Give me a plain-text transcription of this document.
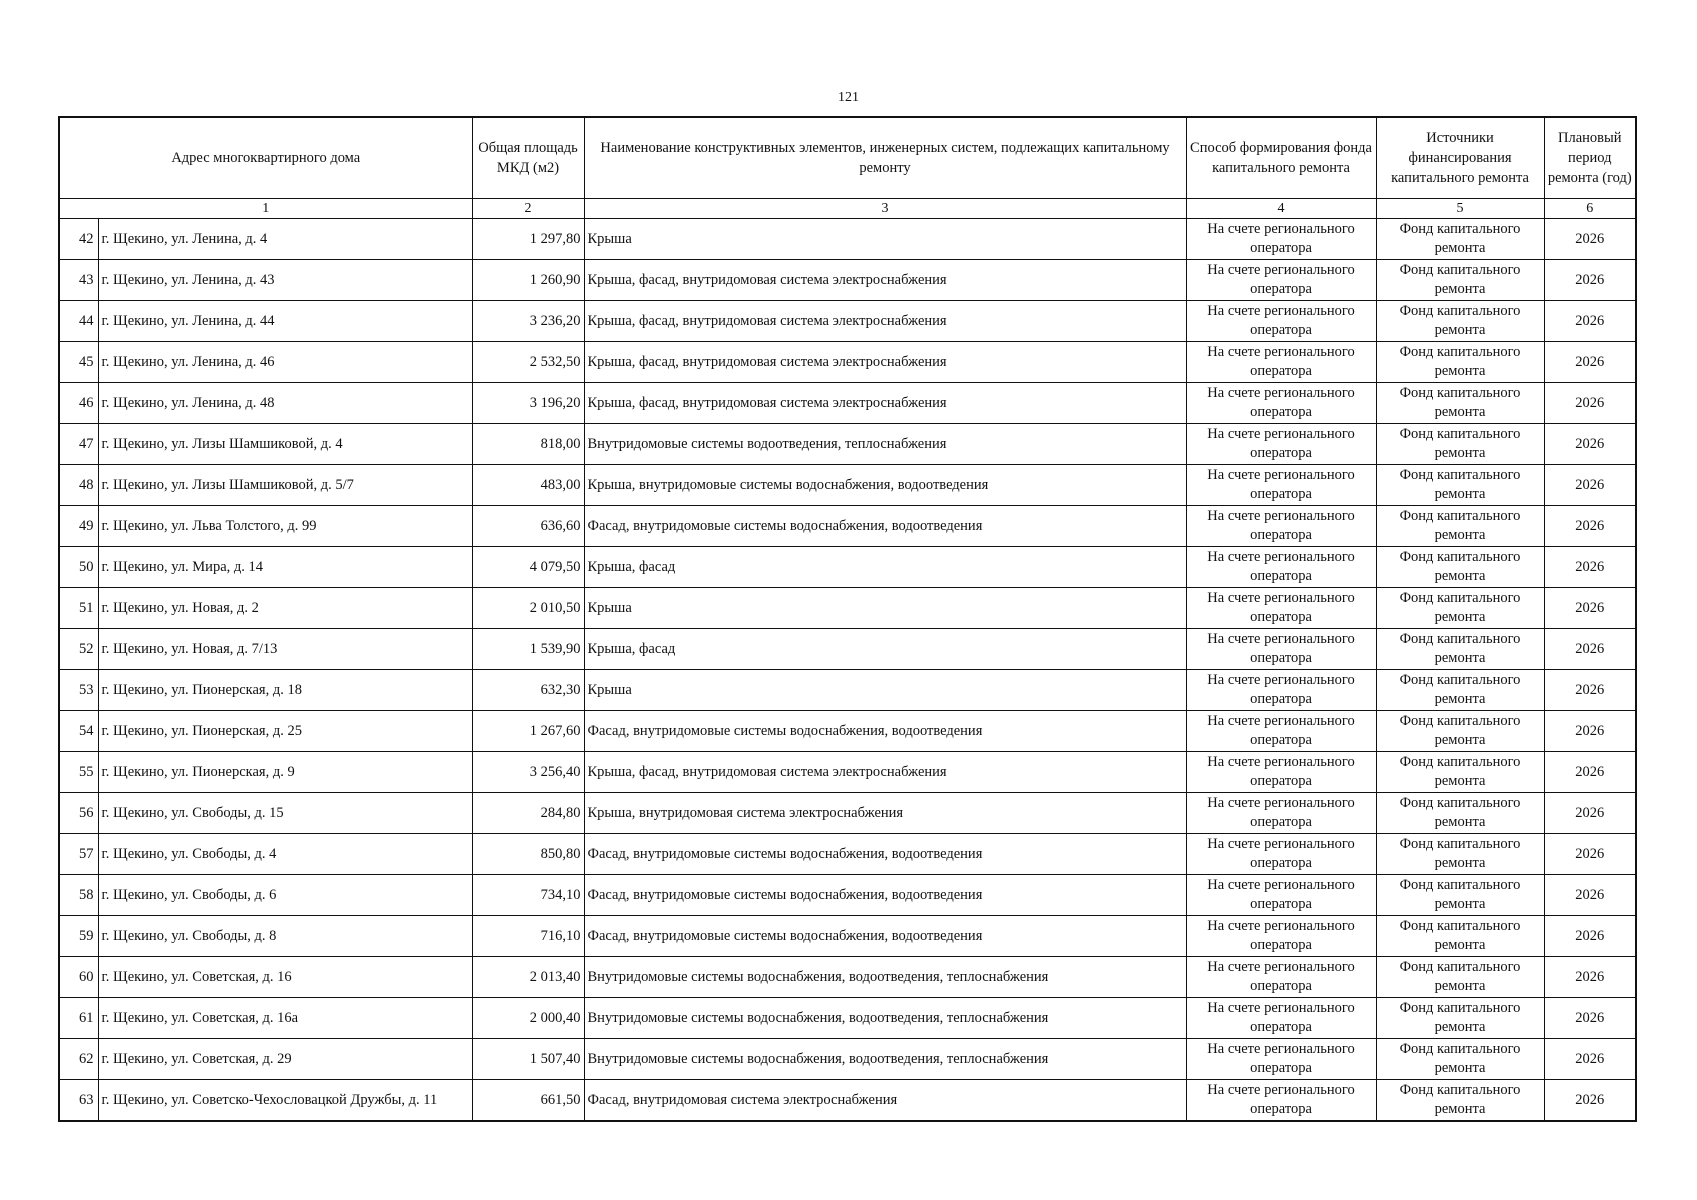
121
Адрес многоквартирного дома		Общая площадь МКД (м2)	Наименование конструктивных элементов, инженерных систем, подлежащих капитальному ремонту	Способ формирования фонда капитального ремонта	Источники финансирования капитального ремонта	Плановый период ремонта (год)
1		2	3	4	5	6
42	г. Щекино, ул. Ленина, д. 4	1 297,80	Крыша	На счете регионального оператора	Фонд капитального ремонта	2026
43	г. Щекино, ул. Ленина, д. 43	1 260,90	Крыша, фасад, внутридомовая система электроснабжения	На счете регионального оператора	Фонд капитального ремонта	2026
44	г. Щекино, ул. Ленина, д. 44	3 236,20	Крыша, фасад, внутридомовая система электроснабжения	На счете регионального оператора	Фонд капитального ремонта	2026
45	г. Щекино, ул. Ленина, д. 46	2 532,50	Крыша, фасад, внутридомовая система электроснабжения	На счете регионального оператора	Фонд капитального ремонта	2026
46	г. Щекино, ул. Ленина, д. 48	3 196,20	Крыша, фасад, внутридомовая система электроснабжения	На счете регионального оператора	Фонд капитального ремонта	2026
47	г. Щекино, ул. Лизы Шамшиковой, д. 4	818,00	Внутридомовые системы водоотведения, теплоснабжения	На счете регионального оператора	Фонд капитального ремонта	2026
48	г. Щекино, ул. Лизы Шамшиковой, д. 5/7	483,00	Крыша, внутридомовые системы водоснабжения, водоотведения	На счете регионального оператора	Фонд капитального ремонта	2026
49	г. Щекино, ул. Льва Толстого, д. 99	636,60	Фасад, внутридомовые системы водоснабжения, водоотведения	На счете регионального оператора	Фонд капитального ремонта	2026
50	г. Щекино, ул. Мира, д. 14	4 079,50	Крыша, фасад	На счете регионального оператора	Фонд капитального ремонта	2026
51	г. Щекино, ул. Новая, д. 2	2 010,50	Крыша	На счете регионального оператора	Фонд капитального ремонта	2026
52	г. Щекино, ул. Новая, д. 7/13	1 539,90	Крыша, фасад	На счете регионального оператора	Фонд капитального ремонта	2026
53	г. Щекино, ул. Пионерская, д. 18	632,30	Крыша	На счете регионального оператора	Фонд капитального ремонта	2026
54	г. Щекино, ул. Пионерская, д. 25	1 267,60	Фасад, внутридомовые системы водоснабжения, водоотведения	На счете регионального оператора	Фонд капитального ремонта	2026
55	г. Щекино, ул. Пионерская, д. 9	3 256,40	Крыша, фасад, внутридомовая система электроснабжения	На счете регионального оператора	Фонд капитального ремонта	2026
56	г. Щекино, ул. Свободы, д. 15	284,80	Крыша, внутридомовая система электроснабжения	На счете регионального оператора	Фонд капитального ремонта	2026
57	г. Щекино, ул. Свободы, д. 4	850,80	Фасад, внутридомовые системы водоснабжения, водоотведения	На счете регионального оператора	Фонд капитального ремонта	2026
58	г. Щекино, ул. Свободы, д. 6	734,10	Фасад, внутридомовые системы водоснабжения, водоотведения	На счете регионального оператора	Фонд капитального ремонта	2026
59	г. Щекино, ул. Свободы, д. 8	716,10	Фасад, внутридомовые системы водоснабжения, водоотведения	На счете регионального оператора	Фонд капитального ремонта	2026
60	г. Щекино, ул. Советская, д. 16	2 013,40	Внутридомовые системы водоснабжения, водоотведения, теплоснабжения	На счете регионального оператора	Фонд капитального ремонта	2026
61	г. Щекино, ул. Советская, д. 16а	2 000,40	Внутридомовые системы водоснабжения, водоотведения, теплоснабжения	На счете регионального оператора	Фонд капитального ремонта	2026
62	г. Щекино, ул. Советская, д. 29	1 507,40	Внутридомовые системы водоснабжения, водоотведения, теплоснабжения	На счете регионального оператора	Фонд капитального ремонта	2026
63	г. Щекино, ул. Советско-Чехословацкой Дружбы, д. 11	661,50	Фасад, внутридомовая система электроснабжения	На счете регионального оператора	Фонд капитального ремонта	2026
